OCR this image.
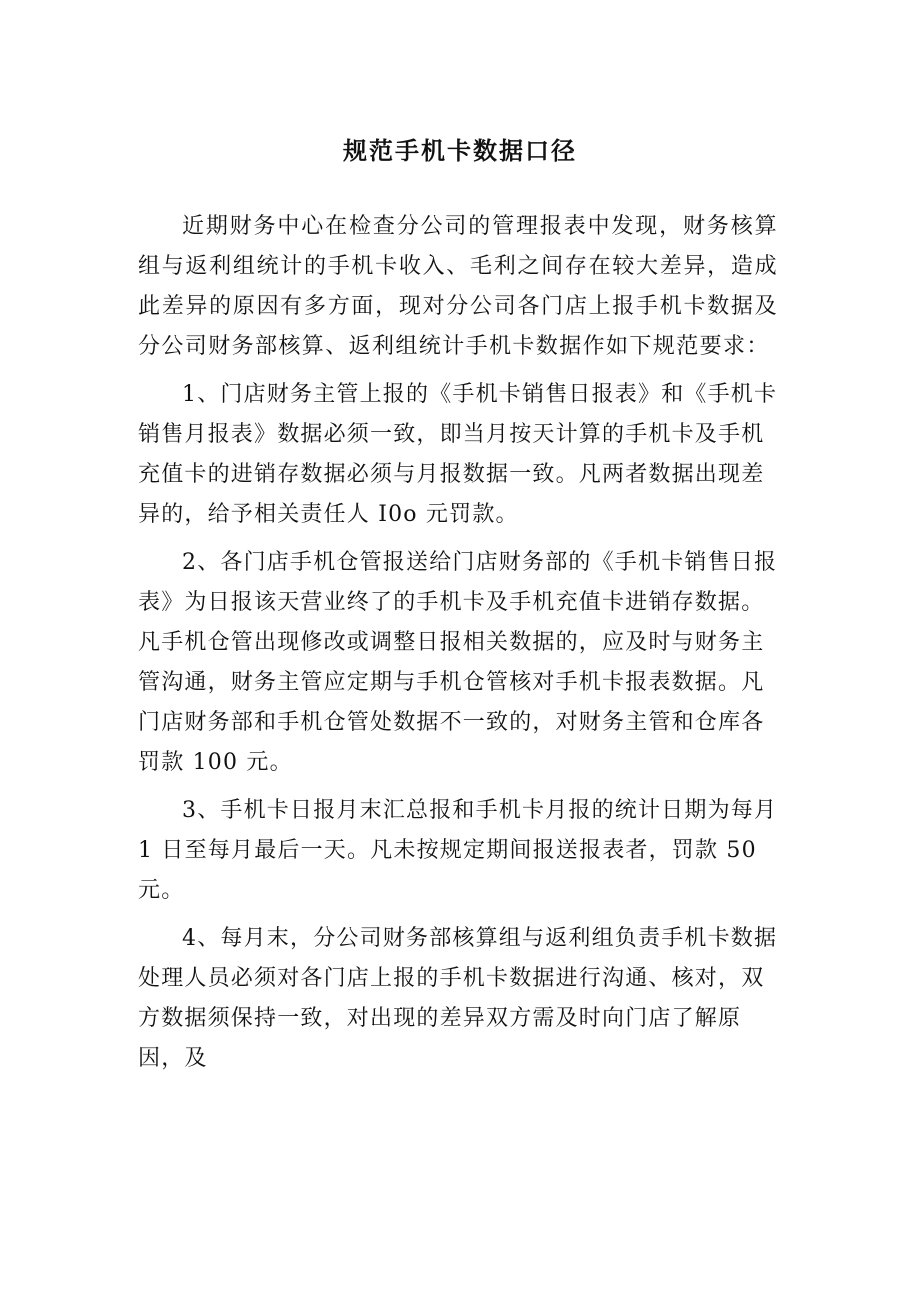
规范手机卡数据口径

近期财务中心在检查分公司的管理报表中发现，财务核算组与返利组统计的手机卡收入、毛利之间存在较大差异，造成此差异的原因有多方面，现对分公司各门店上报手机卡数据及分公司财务部核算、返利组统计手机卡数据作如下规范要求：

1、门店财务主管上报的《手机卡销售日报表》和《手机卡销售月报表》数据必须一致，即当月按天计算的手机卡及手机充值卡的进销存数据必须与月报数据一致。凡两者数据出现差异的，给予相关责任人 I0o 元罚款。

2、各门店手机仓管报送给门店财务部的《手机卡销售日报表》为日报该天营业终了的手机卡及手机充值卡进销存数据。凡手机仓管出现修改或调整日报相关数据的，应及时与财务主管沟通，财务主管应定期与手机仓管核对手机卡报表数据。凡门店财务部和手机仓管处数据不一致的，对财务主管和仓库各罚款 100 元。

3、手机卡日报月末汇总报和手机卡月报的统计日期为每月 1 日至每月最后一天。凡未按规定期间报送报表者，罚款 50 元。

4、每月末，分公司财务部核算组与返利组负责手机卡数据处理人员必须对各门店上报的手机卡数据进行沟通、核对，双方数据须保持一致，对出现的差异双方需及时向门店了解原因，及
